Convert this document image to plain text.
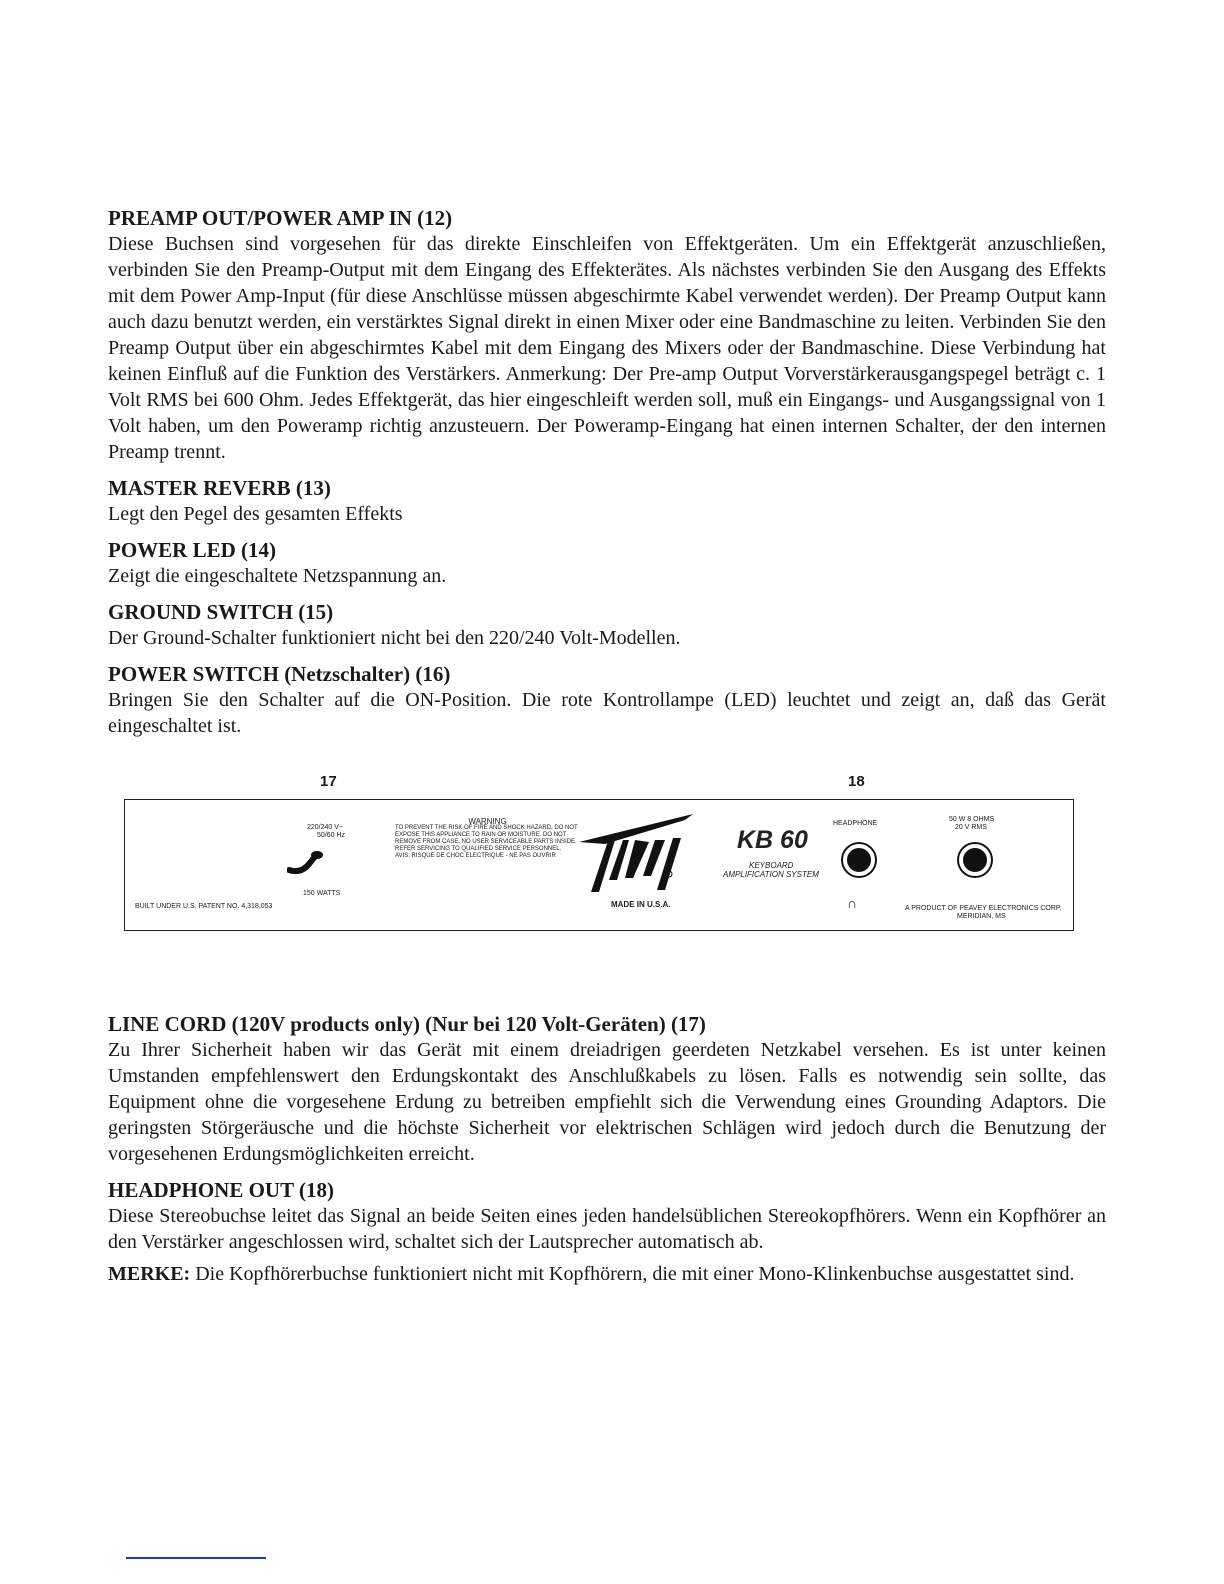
PREAMP OUT/POWER AMP IN (12)

Diese Buchsen sind vorgesehen für das direkte Einschleifen von Effektgeräten. Um ein Effektgerät anzuschließen, verbinden Sie den Preamp-Output mit dem Eingang des Effekterätes. Als nächstes verbinden Sie den Ausgang des Effekts mit dem Power Amp-Input (für diese Anschlüsse müssen abgeschirmte Kabel verwendet werden). Der Preamp Output kann auch dazu benutzt werden, ein verstärktes Signal direkt in einen Mixer oder eine Bandmaschine zu leiten. Verbinden Sie den Preamp Output über ein abgeschirmtes Kabel mit dem Eingang des Mixers oder der Bandmaschine. Diese Verbindung hat keinen Einfluß auf die Funktion des Verstärkers. Anmerkung: Der Pre-amp Output Vorverstärkerausgangspegel beträgt c. 1 Volt RMS bei 600 Ohm. Jedes Effektgerät, das hier eingeschleift werden soll, muß ein Eingangs- und Ausgangssignal von 1 Volt haben, um den Poweramp richtig anzusteuern. Der Poweramp-Eingang hat einen internen Schalter, der den internen Preamp trennt.

MASTER REVERB (13)

Legt den Pegel des gesamten Effekts

POWER LED (14)

Zeigt die eingeschaltete Netzspannung an.

GROUND SWITCH (15)

Der Ground-Schalter funktioniert nicht bei den 220/240 Volt-Modellen.

POWER SWITCH (Netzschalter) (16)

Bringen Sie den Schalter auf die ON-Position. Die rote Kontrollampe (LED) leuchtet und zeigt an, daß das Gerät eingeschaltet ist.

17	18
220/240 V~
50/60 Hz
150 WATTS
BUILT UNDER U.S. PATENT NO. 4,318,053
WARNING
TO PREVENT THE RISK OF FIRE AND SHOCK HAZARD, DO NOT EXPOSE THIS APPLIANCE TO RAIN OR MOISTURE. DO NOT REMOVE FROM CASE. NO USER SERVICEABLE PARTS INSIDE. REFER SERVICING TO QUALIFIED SERVICE PERSONNEL.
AVIS: RISQUE DE CHOC ELECTRIQUE - NE PAS OUVRIR
MADE IN U.S.A.
KB 60
KEYBOARD
AMPLIFICATION SYSTEM
HEADPHONE
∩
50 W 8 OHMS
20 V RMS
A PRODUCT OF PEAVEY ELECTRONICS CORP.
MERIDIAN, MS
LINE CORD (120V products only) (Nur bei 120 Volt-Geräten) (17)

Zu Ihrer Sicherheit haben wir das Gerät mit einem dreiadrigen geerdeten Netzkabel versehen. Es ist unter keinen Umstanden empfehlenswert den Erdungskontakt des Anschlußkabels zu lösen. Falls es notwendig sein sollte, das Equipment ohne die vorgesehene Erdung zu betreiben empfiehlt sich die Verwendung eines Grounding Adaptors. Die geringsten Störgeräusche und die höchste Sicherheit vor elektrischen Schlägen wird jedoch durch die Benutzung der vorgesehenen Erdungsmöglichkeiten erreicht.

HEADPHONE OUT (18)

Diese Stereobuchse leitet das Signal an beide Seiten eines jeden handelsüblichen Stereokopfhörers. Wenn ein Kopfhörer an den Verstärker angeschlossen wird, schaltet sich der Lautsprecher automatisch ab.

MERKE: Die Kopfhörerbuchse funktioniert nicht mit Kopfhörern, die mit einer Mono-Klinkenbuchse ausgestattet sind.
